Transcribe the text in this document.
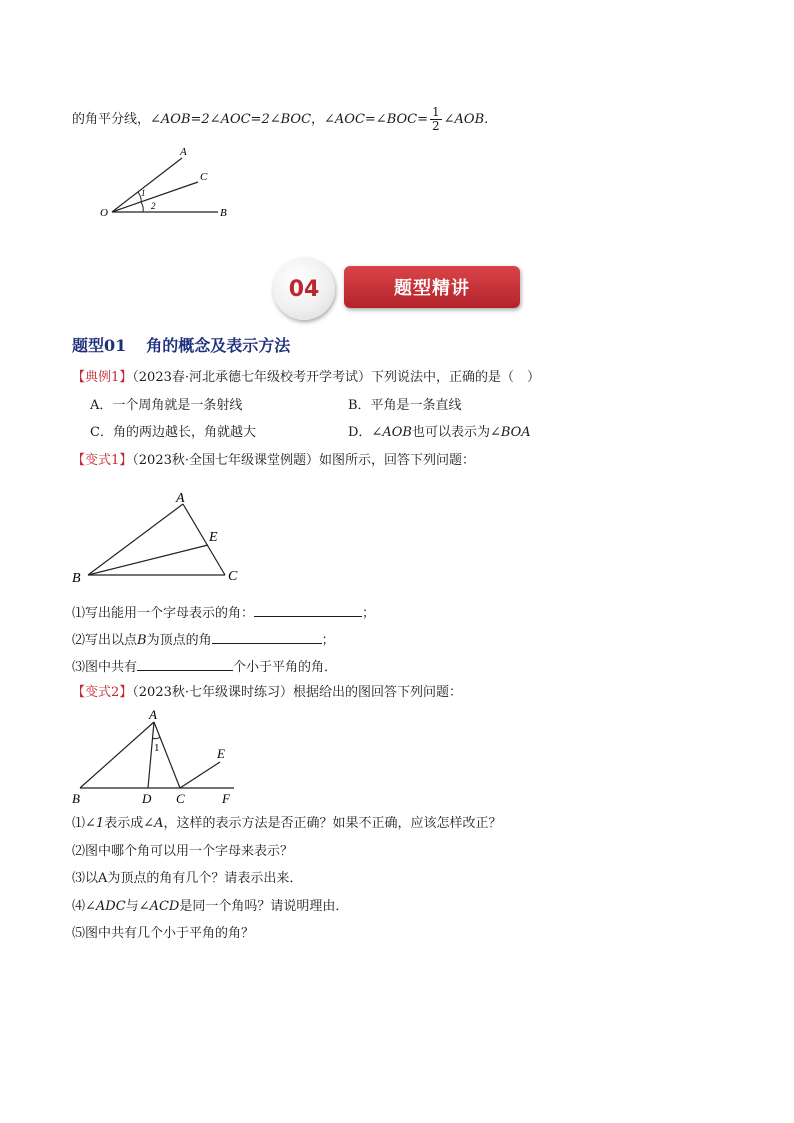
的角平分线，∠AOB=2∠AOC=2∠BOC，∠AOC=∠BOC= $\frac{1}{2}$ ∠AOB.
A
C
O	B
1
2
题型精讲
04
题型01 角的概念及表示方法
【典例1】（2023春·河北承德七年级校考开学考试）下列说法中，正确的是（　）
A．一个周角就是一条射线	B．平角是一条直线
C．角的两边越长，角就越大	D．∠AOB也可以表示为∠BOA
【变式1】（2023秋·全国七年级课堂例题）如图所示，回答下列问题：
A
E
B	C
⑴写出能用一个字母表示的角：	；
⑵写出以点B为顶点的角	；
⑶图中共有	个小于平角的角．
【变式2】（2023秋·七年级课时练习）根据给出的图回答下列问题：
A
E
1
B	D C	F
⑴∠1表示成∠A，这样的表示方法是否正确？如果不正确，应该怎样改正？
⑵图中哪个角可以用一个字母来表示？
⑶以A为顶点的角有几个？请表示出来．
⑷∠ADC与∠ACD是同一个角吗？请说明理由．
⑸图中共有几个小于平角的角？
